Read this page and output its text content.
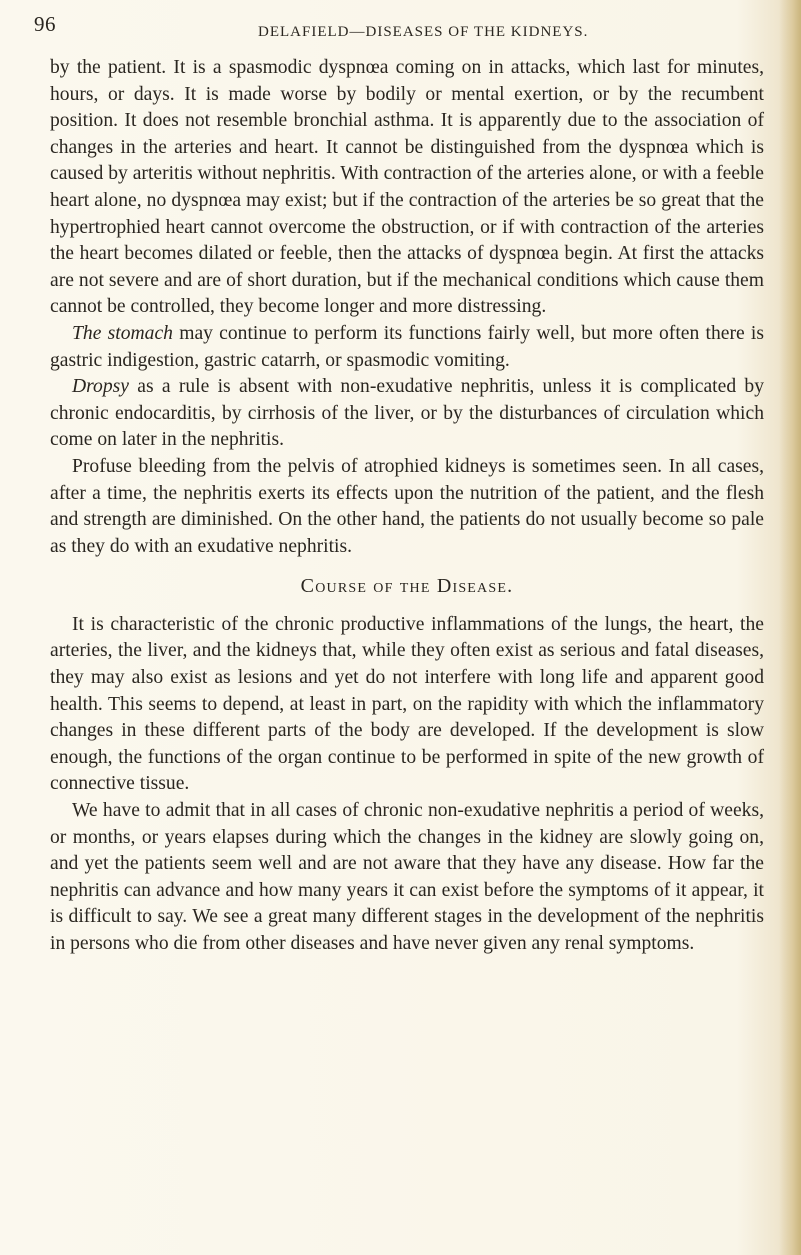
96	DELAFIELD—DISEASES OF THE KIDNEYS.

by the patient. It is a spasmodic dyspnœa coming on in attacks, which last for minutes, hours, or days. It is made worse by bodily or mental exertion, or by the recumbent position. It does not resemble bronchial asthma. It is apparently due to the association of changes in the arteries and heart. It cannot be distinguished from the dyspnœa which is caused by arteritis without nephritis. With contraction of the arteries alone, or with a feeble heart alone, no dyspnœa may exist; but if the contraction of the arteries be so great that the hypertrophied heart cannot overcome the obstruction, or if with contraction of the arteries the heart becomes dilated or feeble, then the attacks of dyspnœa begin. At first the attacks are not severe and are of short duration, but if the mechanical conditions which cause them cannot be controlled, they become longer and more distressing.

The stomach may continue to perform its functions fairly well, but more often there is gastric indigestion, gastric catarrh, or spasmodic vomiting.

Dropsy as a rule is absent with non-exudative nephritis, unless it is complicated by chronic endocarditis, by cirrhosis of the liver, or by the disturbances of circulation which come on later in the nephritis.

Profuse bleeding from the pelvis of atrophied kidneys is sometimes seen. In all cases, after a time, the nephritis exerts its effects upon the nutrition of the patient, and the flesh and strength are diminished. On the other hand, the patients do not usually become so pale as they do with an exudative nephritis.

Course of the Disease.

It is characteristic of the chronic productive inflammations of the lungs, the heart, the arteries, the liver, and the kidneys that, while they often exist as serious and fatal diseases, they may also exist as lesions and yet do not interfere with long life and apparent good health. This seems to depend, at least in part, on the rapidity with which the inflammatory changes in these different parts of the body are developed. If the development is slow enough, the functions of the organ continue to be performed in spite of the new growth of connective tissue.

We have to admit that in all cases of chronic non-exudative nephritis a period of weeks, or months, or years elapses during which the changes in the kidney are slowly going on, and yet the patients seem well and are not aware that they have any disease. How far the nephritis can advance and how many years it can exist before the symptoms of it appear, it is difficult to say. We see a great many different stages in the development of the nephritis in persons who die from other diseases and have never given any renal symptoms.
